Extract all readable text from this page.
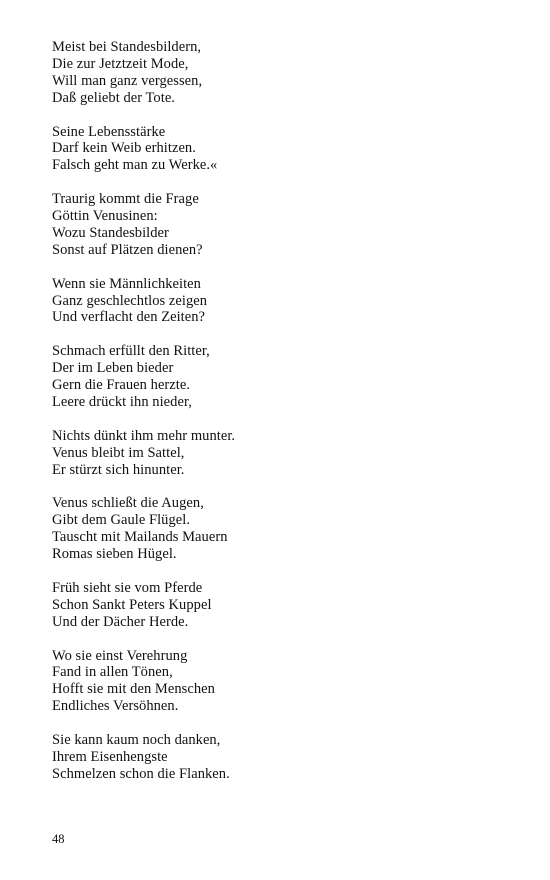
Meist bei Standesbildern,
Die zur Jetztzeit Mode,
Will man ganz vergessen,
Daß geliebt der Tote.
Seine Lebensstärke
Darf kein Weib erhitzen.
Falsch geht man zu Werke.«
Traurig kommt die Frage
Göttin Venusinen:
Wozu Standesbilder
Sonst auf Plätzen dienen?
Wenn sie Männlichkeiten
Ganz geschlechtlos zeigen
Und verflacht den Zeiten?
Schmach erfüllt den Ritter,
Der im Leben bieder
Gern die Frauen herzte.
Leere drückt ihn nieder,
Nichts dünkt ihm mehr munter.
Venus bleibt im Sattel,
Er stürzt sich hinunter.
Venus schließt die Augen,
Gibt dem Gaule Flügel.
Tauscht mit Mailands Mauern
Romas sieben Hügel.
Früh sieht sie vom Pferde
Schon Sankt Peters Kuppel
Und der Dächer Herde.
Wo sie einst Verehrung
Fand in allen Tönen,
Hofft sie mit den Menschen
Endliches Versöhnen.
Sie kann kaum noch danken,
Ihrem Eisenhengste
Schmelzen schon die Flanken.
48
